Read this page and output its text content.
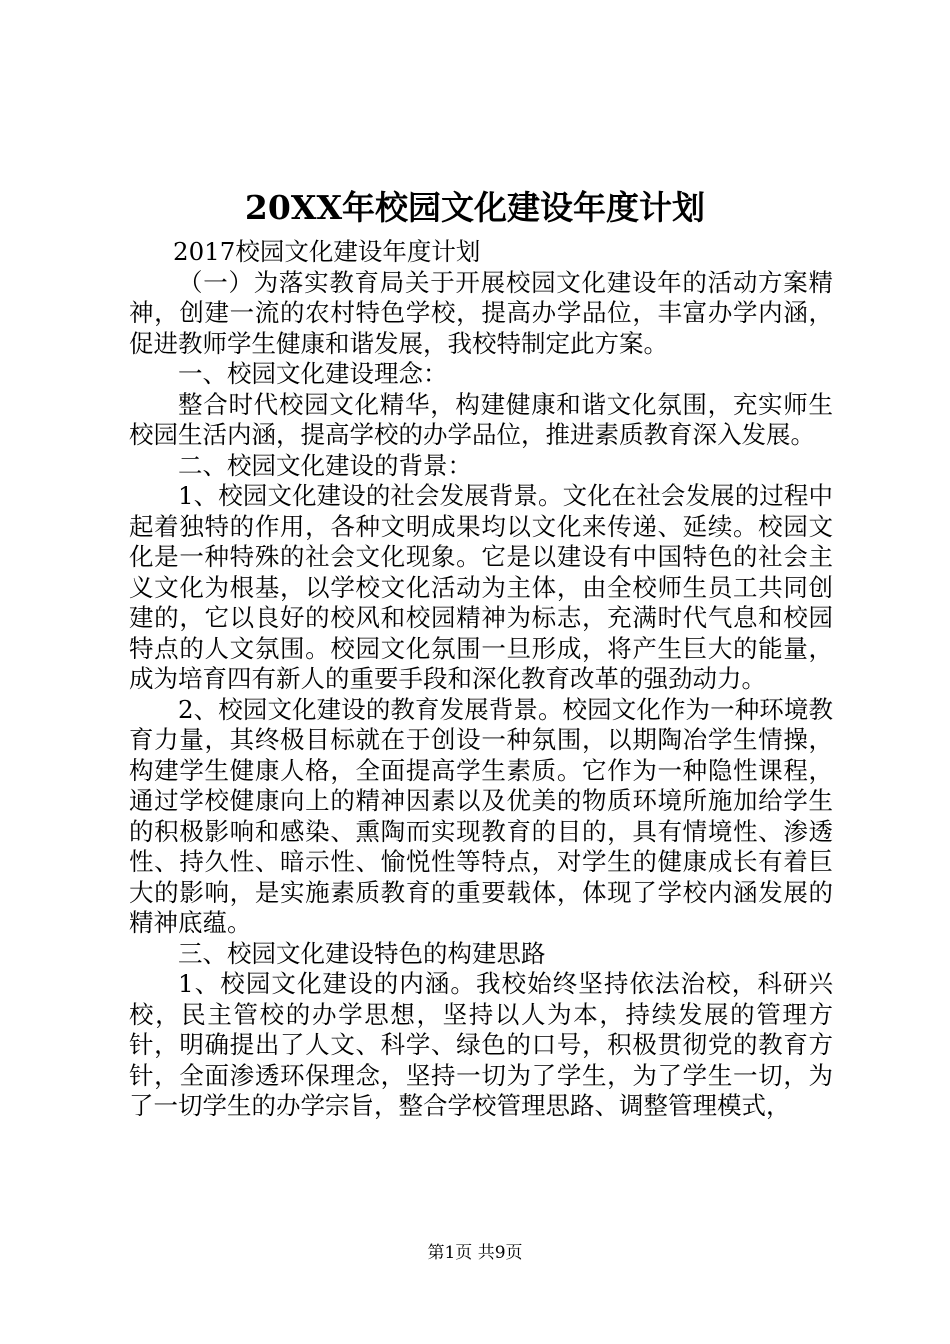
20XX年校园文化建设年度计划

2017校园文化建设年度计划

（一）为落实教育局关于开展校园文化建设年的活动方案精神，创建一流的农村特色学校，提高办学品位，丰富办学内涵，促进教师学生健康和谐发展，我校特制定此方案。

一、校园文化建设理念：

整合时代校园文化精华，构建健康和谐文化氛围，充实师生校园生活内涵，提高学校的办学品位，推进素质教育深入发展。

二、校园文化建设的背景：

1、校园文化建设的社会发展背景。文化在社会发展的过程中起着独特的作用，各种文明成果均以文化来传递、延续。校园文化是一种特殊的社会文化现象。它是以建设有中国特色的社会主义文化为根基，以学校文化活动为主体，由全校师生员工共同创建的，它以良好的校风和校园精神为标志，充满时代气息和校园特点的人文氛围。校园文化氛围一旦形成，将产生巨大的能量，成为培育四有新人的重要手段和深化教育改革的强劲动力。

2、校园文化建设的教育发展背景。校园文化作为一种环境教育力量，其终极目标就在于创设一种氛围，以期陶冶学生情操，构建学生健康人格，全面提高学生素质。它作为一种隐性课程，通过学校健康向上的精神因素以及优美的物质环境所施加给学生的积极影响和感染、熏陶而实现教育的目的，具有情境性、渗透性、持久性、暗示性、愉悦性等特点，对学生的健康成长有着巨大的影响，是实施素质教育的重要载体，体现了学校内涵发展的精神底蕴。

三、校园文化建设特色的构建思路

1、校园文化建设的内涵。我校始终坚持依法治校，科研兴校，民主管校的办学思想，坚持以人为本，持续发展的管理方针，明确提出了人文、科学、绿色的口号，积极贯彻党的教育方针，全面渗透环保理念，坚持一切为了学生，为了学生一切，为了一切学生的办学宗旨，整合学校管理思路、调整管理模式，

第1页 共9页
